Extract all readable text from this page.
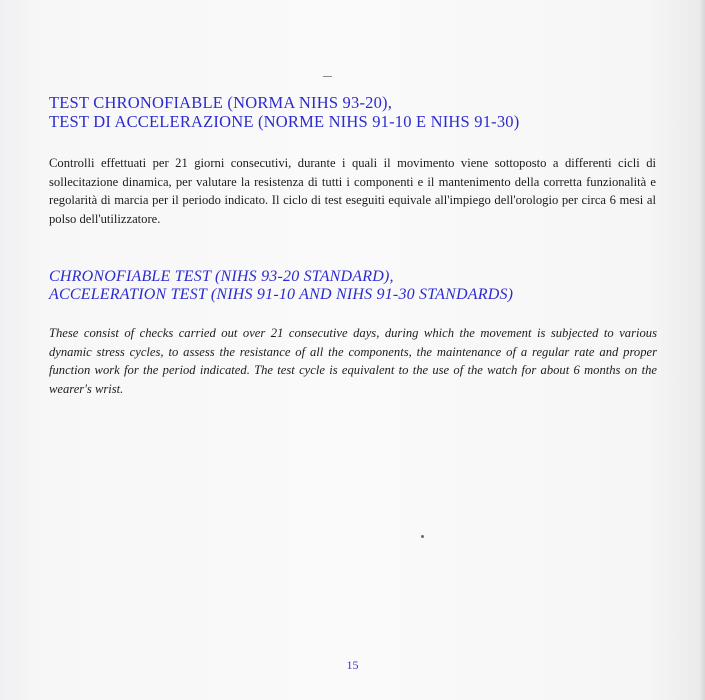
TEST CHRONOFIABLE (NORMA NIHS 93-20),
TEST DI ACCELERAZIONE (NORME NIHS 91-10 E NIHS 91-30)
Controlli effettuati per 21 giorni consecutivi, durante i quali il movimento viene sottoposto a differenti cicli di sollecitazione dinamica, per valutare la resistenza di tutti i componenti e il mantenimento della corretta funzionalità e regolarità di marcia per il periodo indicato. Il ciclo di test eseguiti equivale all'impiego dell'orologio per circa 6 mesi al polso dell'utilizzatore.
CHRONOFIABLE TEST (NIHS 93-20 STANDARD),
ACCELERATION TEST (NIHS 91-10 AND NIHS 91-30 STANDARDS)
These consist of checks carried out over 21 consecutive days, during which the movement is subjected to various dynamic stress cycles, to assess the resistance of all the components, the maintenance of a regular rate and proper function work for the period indicated. The test cycle is equivalent to the use of the watch for about 6 months on the wearer's wrist.
15
